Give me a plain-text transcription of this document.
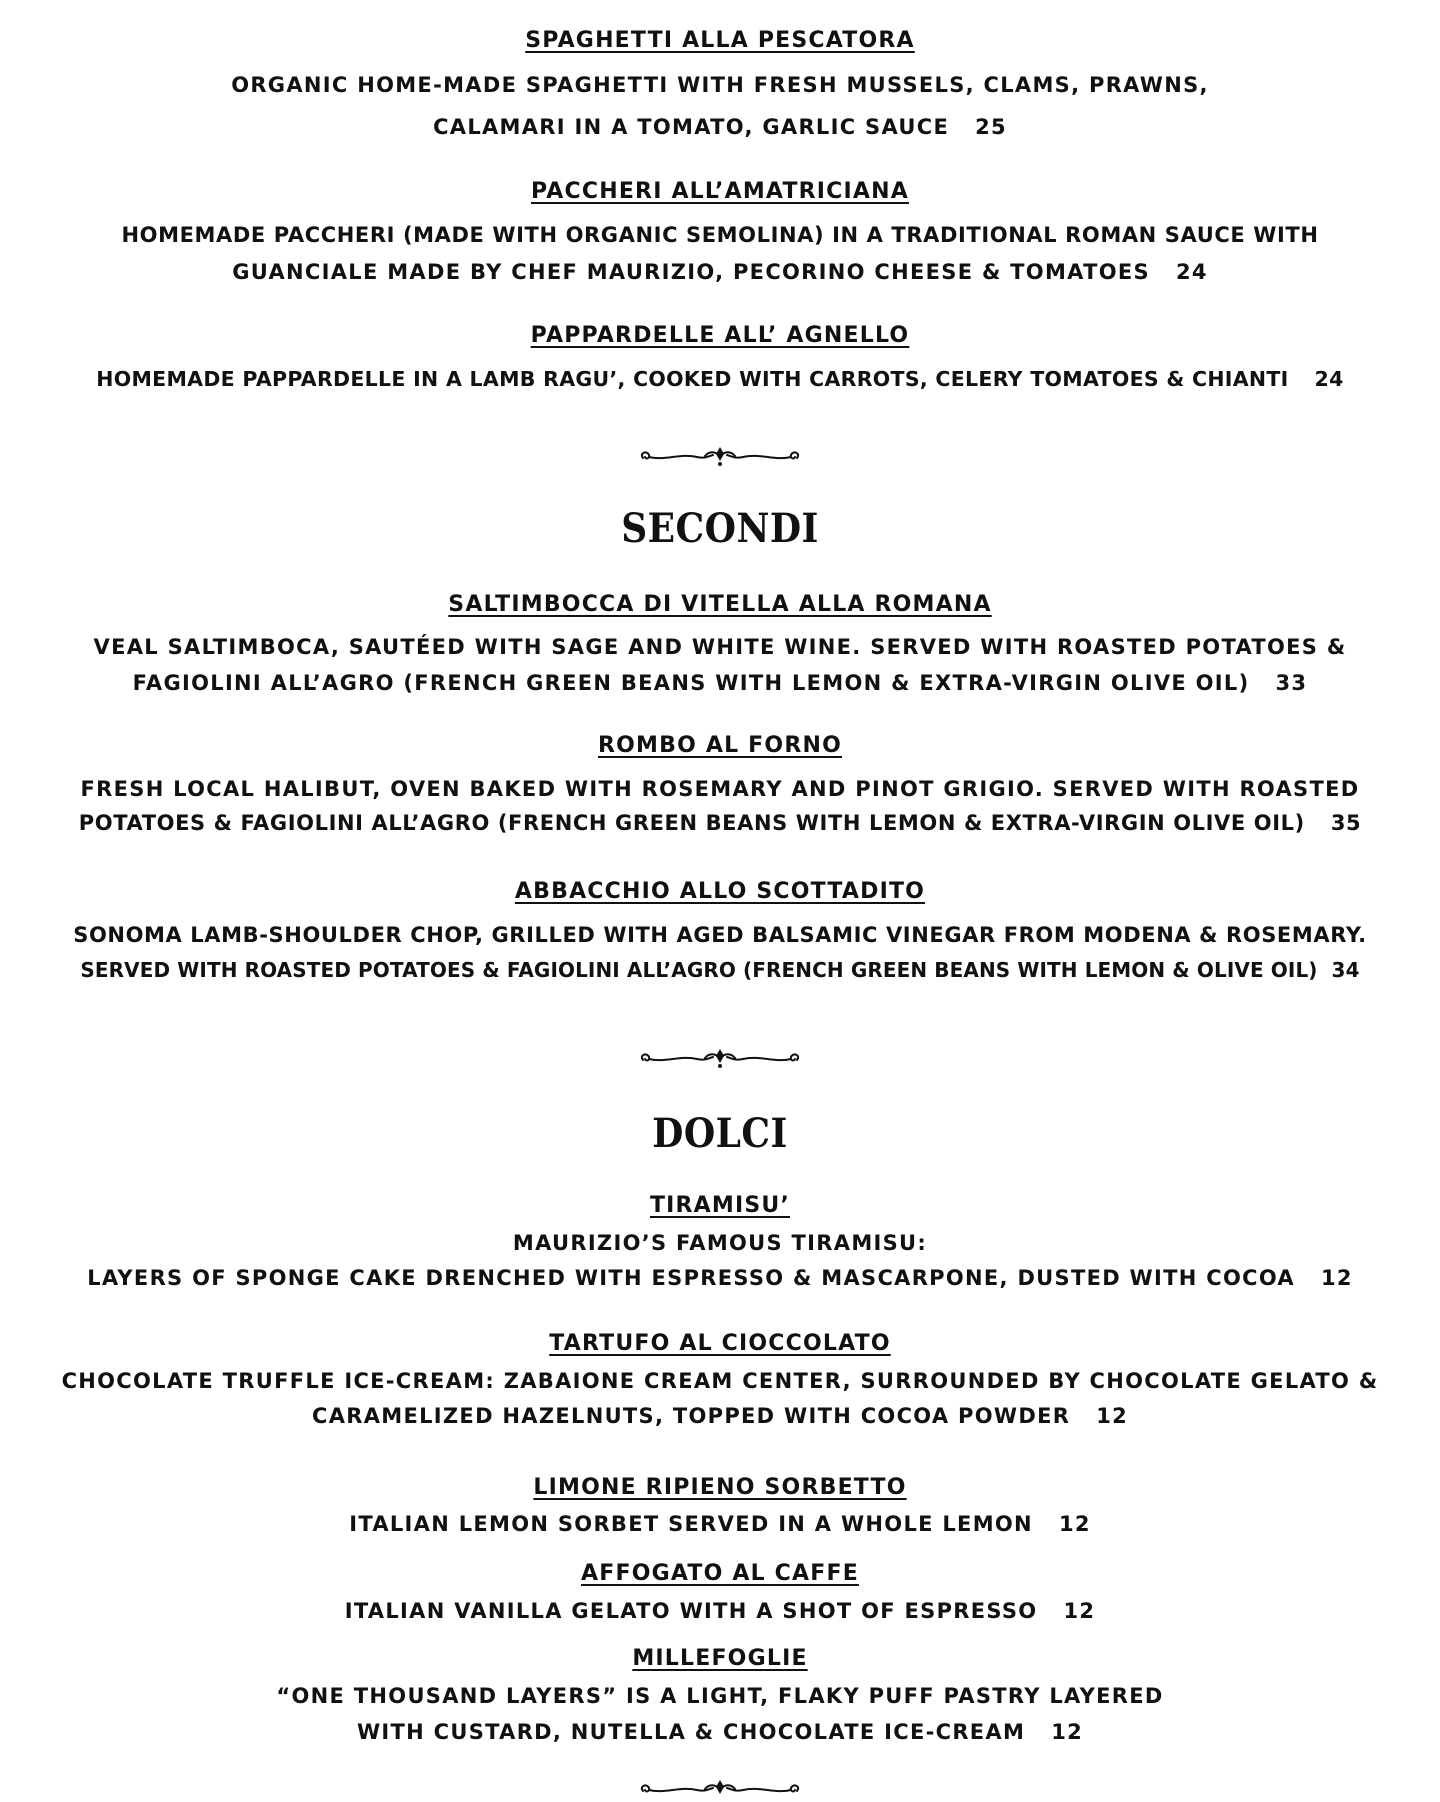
SPAGHETTI ALLA PESCATORA
ORGANIC HOME-MADE SPAGHETTI WITH FRESH MUSSELS, CLAMS, PRAWNS,
CALAMARI IN A TOMATO, GARLIC SAUCE 25
PACCHERI ALL’AMATRICIANA
HOMEMADE PACCHERI (MADE WITH ORGANIC SEMOLINA) IN A TRADITIONAL ROMAN SAUCE WITH
GUANCIALE MADE BY CHEF MAURIZIO, PECORINO CHEESE & TOMATOES 24
PAPPARDELLE ALL’ AGNELLO
HOMEMADE PAPPARDELLE IN A LAMB RAGU’, COOKED WITH CARROTS, CELERY TOMATOES & CHIANTI 24
SECONDI
SALTIMBOCCA DI VITELLA ALLA ROMANA
VEAL SALTIMBOCA, SAUTÉED WITH SAGE AND WHITE WINE. SERVED WITH ROASTED POTATOES &
FAGIOLINI ALL’AGRO (FRENCH GREEN BEANS WITH LEMON & EXTRA-VIRGIN OLIVE OIL) 33
ROMBO AL FORNO
FRESH LOCAL HALIBUT, OVEN BAKED WITH ROSEMARY AND PINOT GRIGIO. SERVED WITH ROASTED
POTATOES & FAGIOLINI ALL’AGRO (FRENCH GREEN BEANS WITH LEMON & EXTRA-VIRGIN OLIVE OIL) 35
ABBACCHIO ALLO SCOTTADITO
SONOMA LAMB-SHOULDER CHOP, GRILLED WITH AGED BALSAMIC VINEGAR FROM MODENA & ROSEMARY.
SERVED WITH ROASTED POTATOES & FAGIOLINI ALL’AGRO (FRENCH GREEN BEANS WITH LEMON & OLIVE OIL) 34
DOLCI
TIRAMISU’
MAURIZIO’S FAMOUS TIRAMISU:
LAYERS OF SPONGE CAKE DRENCHED WITH ESPRESSO & MASCARPONE, DUSTED WITH COCOA 12
TARTUFO AL CIOCCOLATO
CHOCOLATE TRUFFLE ICE-CREAM: ZABAIONE CREAM CENTER, SURROUNDED BY CHOCOLATE GELATO &
CARAMELIZED HAZELNUTS, TOPPED WITH COCOA POWDER 12
LIMONE RIPIENO SORBETTO
ITALIAN LEMON SORBET SERVED IN A WHOLE LEMON 12
AFFOGATO AL CAFFE
ITALIAN VANILLA GELATO WITH A SHOT OF ESPRESSO 12
MILLEFOGLIE
“ONE THOUSAND LAYERS” IS A LIGHT, FLAKY PUFF PASTRY LAYERED
WITH CUSTARD, NUTELLA & CHOCOLATE ICE-CREAM 12
